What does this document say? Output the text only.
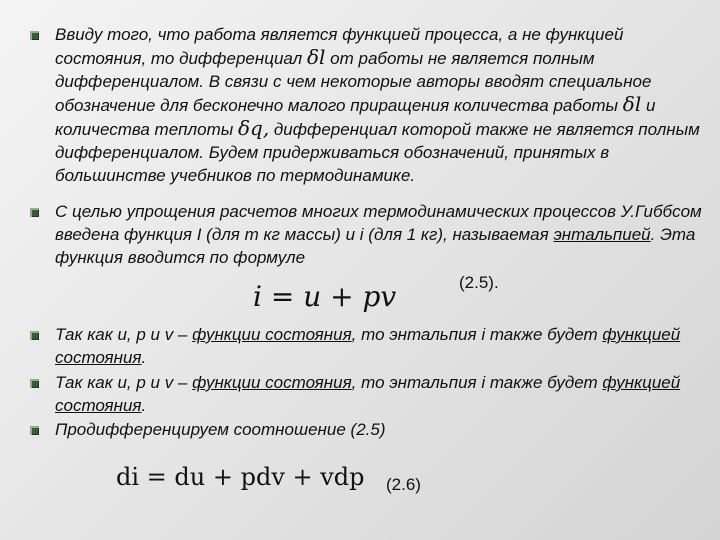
Ввиду того, что работа является функцией процесса, а не функцией состояния, то дифференциал δl от работы не является полным дифференциалом. В связи с чем некоторые авторы вводят специальное обозначение для бесконечно малого приращения количества работы δl и количества теплоты δq, дифференциал которой также не является полным дифференциалом. Будем придерживаться обозначений, принятых в большинстве учебников по термодинамике.

С целью упрощения расчетов многих термодинамических процессов У.Гиббсом введена функция I (для m кг массы) и i (для 1 кг), называемая энтальпией. Эта функция вводится по формуле

i = u + pv	(2.5).

Так как u, p и v – функции состояния, то энтальпия i также будет функцией состояния.

Так как u, p и v – функции состояния, то энтальпия i также будет функцией состояния.

Продифференцируем соотношение (2.5)

di = du + pdv + vdp (2.6)
